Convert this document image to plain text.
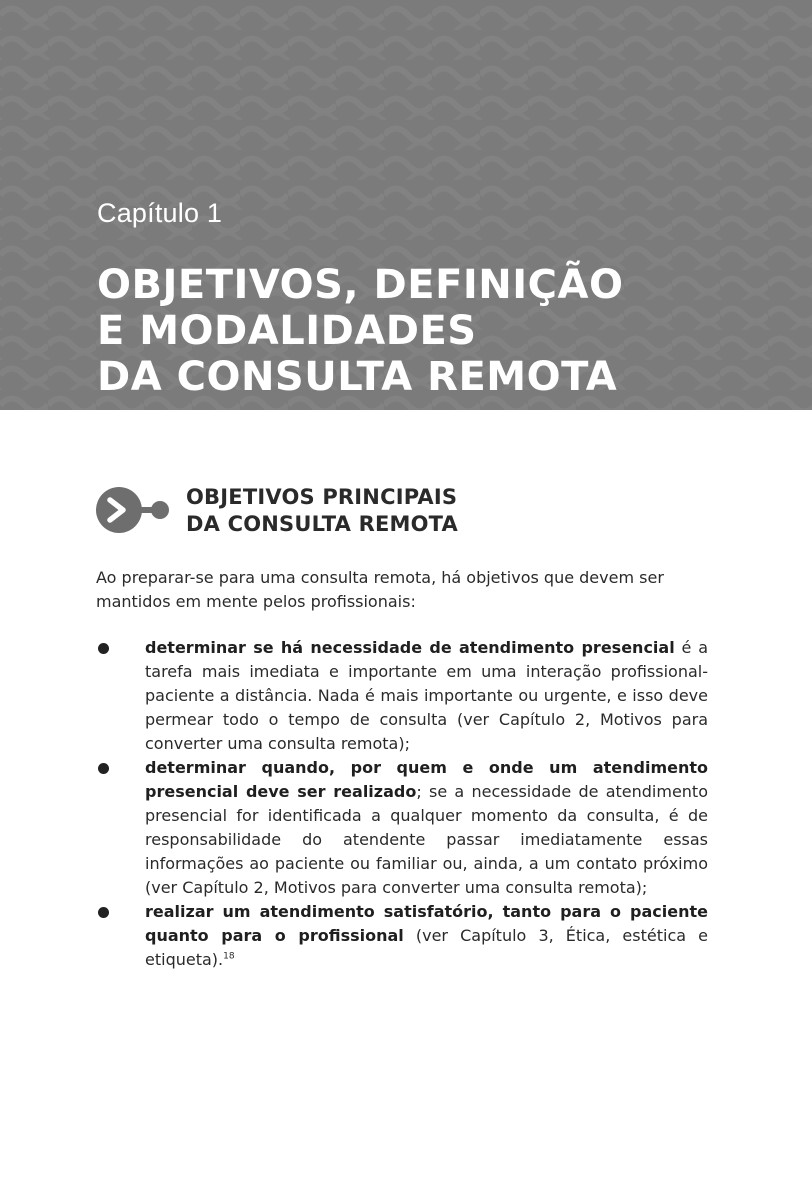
Capítulo 1
OBJETIVOS, DEFINIÇÃO
E MODALIDADES
DA CONSULTA REMOTA
OBJETIVOS PRINCIPAIS
DA CONSULTA REMOTA

Ao preparar-se para uma consulta remota, há objetivos que devem ser mantidos em mente pelos profissionais:

determinar se há necessidade de atendimento presencial é a tarefa mais imediata e importante em uma interação profissional-paciente a distância. Nada é mais importante ou urgente, e isso deve permear todo o tempo de consulta (ver Capítulo 2, Motivos para converter uma consulta remota);
determinar quando, por quem e onde um atendimento presencial deve ser realizado; se a necessidade de atendimento presencial for identificada a qualquer momento da consulta, é de responsabilidade do atendente passar imediatamente essas informações ao paciente ou familiar ou, ainda, a um contato próximo (ver Capítulo 2, Motivos para converter uma consulta remota);
realizar um atendimento satisfatório, tanto para o paciente quanto para o profissional (ver Capítulo 3, Ética, estética e etiqueta).$^{18}$
